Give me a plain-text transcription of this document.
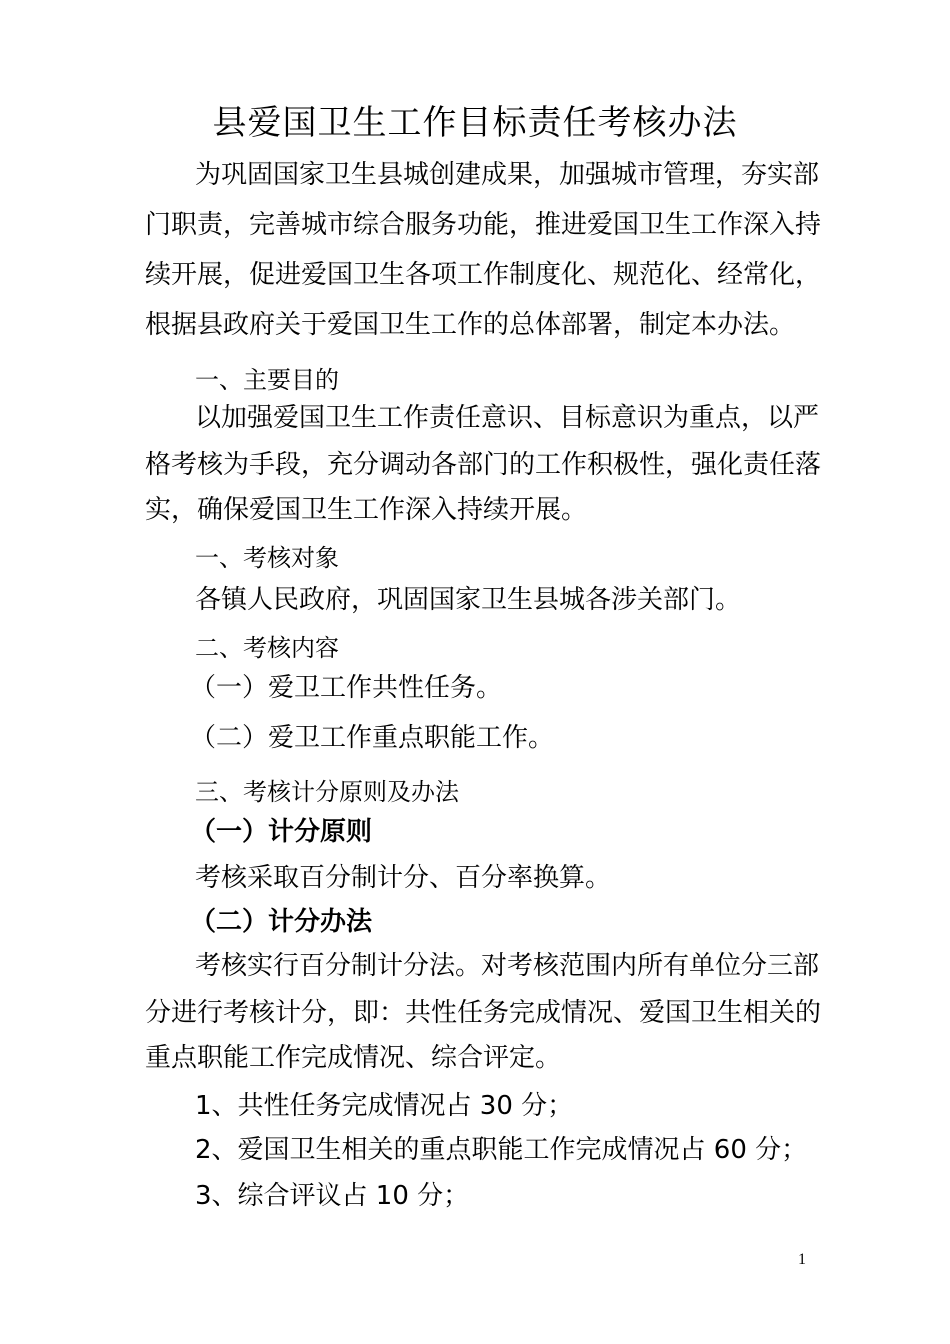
县爱国卫生工作目标责任考核办法
为巩固国家卫生县城创建成果，加强城市管理，夯实部
门职责，完善城市综合服务功能，推进爱国卫生工作深入持
续开展，促进爱国卫生各项工作制度化、规范化、经常化，
根据县政府关于爱国卫生工作的总体部署，制定本办法。
一、主要目的
以加强爱国卫生工作责任意识、目标意识为重点，以严
格考核为手段，充分调动各部门的工作积极性，强化责任落
实，确保爱国卫生工作深入持续开展。
一、考核对象
各镇人民政府，巩固国家卫生县城各涉关部门。
二、考核内容
（一）爱卫工作共性任务。
（二）爱卫工作重点职能工作。
三、考核计分原则及办法
（一）计分原则
考核采取百分制计分、百分率换算。
（二）计分办法
考核实行百分制计分法。对考核范围内所有单位分三部
分进行考核计分，即：共性任务完成情况、爱国卫生相关的
重点职能工作完成情况、综合评定。
1、共性任务完成情况占 30 分；
2、爱国卫生相关的重点职能工作完成情况占 60 分；
3、综合评议占 10 分；
1
